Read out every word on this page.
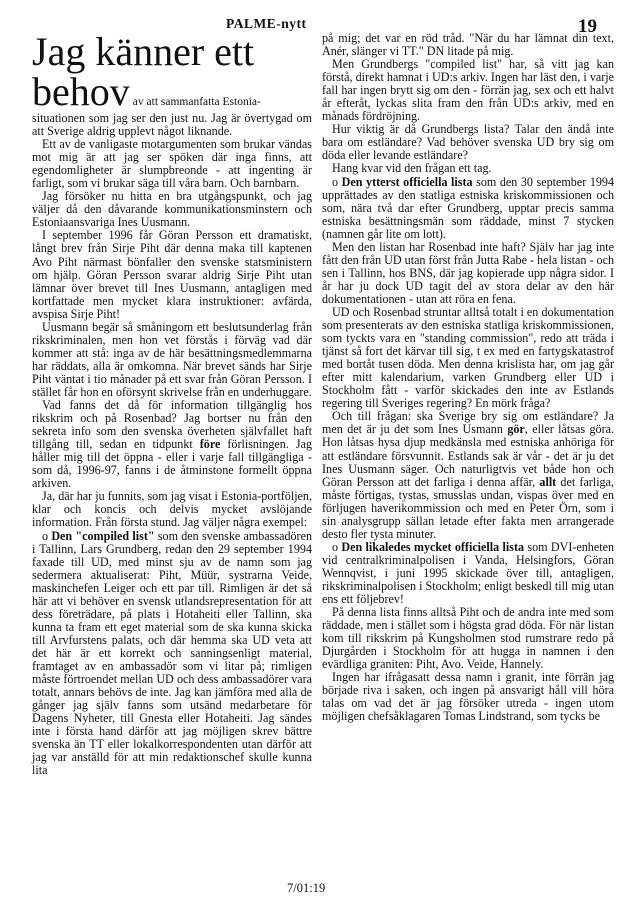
PALME-nytt	19
Jag känner ett
behov av att sammanfatta Estonia-

situationen som jag ser den just nu. Jag är övertygad om att Sverige aldrig upplevt något liknande.

Ett av de vanligaste motargumenten som brukar vändas mot mig är att jag ser spöken där inga finns, att egendomligheter är slumpbreonde - att ingenting är farligt, som vi brukar säga till våra barn. Och barnbarn.

Jag försöker nu hitta en bra utgångspunkt, och jag väljer då den dåvarande kommunikationsminstern och Estoniaansvariga Ines Uusmann.

I september 1996 får Göran Persson ett dramatiskt, långt brev från Sirje Piht där denna maka till kaptenen Avo Piht närmast bönfaller den svenske statsministern om hjälp. Göran Persson svarar aldrig Sirje Piht utan lämnar över brevet till Ines Uusmann, antagligen med kortfattade men mycket klara instruktioner: avfärda, avspisa Sirje Piht!

Uusmann begär så småningom ett beslutsunderlag från rikskriminalen, men hon vet förstås i förväg vad där kommer att stå: inga av de här besättningsmedlemmarna har räddats, alla är omkomna. När brevet sänds har Sirje Piht väntat i tio månader på ett svar från Göran Persson. I stället får hon en oförsynt skrivelse från en underhuggare.

Vad fanns det då för information tillgänglig hos rikskrim och på Rosenbad? Jag bortser nu från den sekreta info som den svenska överheten självfallet haft tillgång till, sedan en tidpunkt före förlisningen. Jag håller mig till det öppna - eller i varje fall tillgängliga - som då, 1996-97, fanns i de åtminstone formellt öppna arkiven.

Ja, där har ju funnits, som jag visat i Estonia-portföljen, klar och koncis och delvis mycket avslöjande information. Från första stund. Jag väljer några exempel:

o Den "compiled list" som den svenske ambassadören i Tallinn, Lars Grundberg, redan den 29 september 1994 faxade till UD, med minst sju av de namn som jag sedermera aktualiserat: Piht, Müür, systrarna Veide, maskinchefen Leiger och ett par till. Rimligen är det så här att vi behöver en svensk utlandsrepresentation för att dess företrädare, på plats i Hotaheiti eller Tallinn, ska kunna ta fram ett eget material som de ska kunna skicka till Arvfurstens palats, och där hemma ska UD veta att det här är ett korrekt och sanningsenligt material, framtaget av en ambassadör som vi litar på; rimligen måste förtroendet mellan UD och dess ambassadörer vara totalt, annars behövs de inte. Jag kan jämföra med alla de gånger jag själv fanns som utsänd medarbetare för Dagens Nyheter, till Gnesta eller Hotaheiti. Jag sändes inte i första hand därför att jag möjligen skrev bättre svenska än TT eller lokalkorrespondenten utan därför att jag var anställd för att min redaktionschef skulle kunna lita

på mig; det var en röd tråd. "När du har lämnat din text, Anér, slänger vi TT." DN litade på mig.

Men Grundbergs "compiled list" har, så vitt jag kan förstå, direkt hamnat i UD:s arkiv. Ingen har läst den, i varje fall har ingen brytt sig om den - förrän jag, sex och ett halvt år efteråt, lyckas slita fram den från UD:s arkiv, med en månads fördröjning.

Hur viktig är då Grundbergs lista? Talar den ändå inte bara om estländare? Vad behöver svenska UD bry sig om döda eller levande estländare?

Hang kvar vid den frågan ett tag.

o Den ytterst officiella lista som den 30 september 1994 upprättades av den statliga estniska kriskommissionen och som, nära två dar efter Grundberg, upptar precis samma estniska besättningsmän som räddade, minst 7 stycken (namnen går lite om lott).

Men den listan har Rosenbad inte haft? Själv har jag inte fått den från UD utan först från Jutta Rabe - hela listan - och sen i Tallinn, hos BNS, där jag kopierade upp några sidor. I år har ju dock UD tagit del av stora delar av den här dokumentationen - utan att röra en fena.

UD och Rosenbad struntar alltså totalt i en dokumentation som presenterats av den estniska statliga kriskommissionen, som tyckts vara en "standing commission", redo att träda i tjänst så fort det kärvar till sig, t ex med en fartygskatastrof med bortåt tusen döda. Men denna krislista har, om jag går efter mitt kalendarium, varken Grundberg eller UD i Stockholm fått - varför skickades den inte av Estlands regering till Sveriges regering? En mörk fråga?

Och till frågan: ska Sverige bry sig om estländare? Ja men det är ju det som Ines Usmann gör, eller låtsas göra. Hon låtsas hysa djup medkänsla med estniska anhöriga för att estländare försvunnit. Estlands sak är vår - det är ju det Ines Uusmann säger. Och naturligtvis vet både hon och Göran Persson att det farliga i denna affär, allt det farliga, måste förtigas, tystas, smusslas undan, vispas över med en förljugen haverikommission och med en Peter Örn, som i sin analysgrupp sällan letade efter fakta men arrangerade desto fler tysta minuter.

o Den likaledes mycket officiella lista som DVI-enheten vid centralkriminalpolisen i Vanda, Helsingfors, Göran Wennqvist, i juni 1995 skickade över till, antagligen, rikskriminalpolisen i Stockholm; enligt beskedl till mig utan ens ett följebrev!

På denna lista finns alltså Piht och de andra inte med som räddade, men i stället som i högsta grad döda. För när listan kom till rikskrim på Kungsholmen stod rumstrare redo på Djurgården i Stockholm för att hugga in namnen i den evärdliga graniten: Piht, Avo. Veide, Hannely.

Ingen har ifrågasatt dessa namn i granit, inte förrän jag började riva i saken, och ingen på ansvarigt håll vill höra talas om vad det är jag försöker utreda - ingen utom möjligen chefsåklagaren Tomas Lindstrand, som tycks be

7/01:19
